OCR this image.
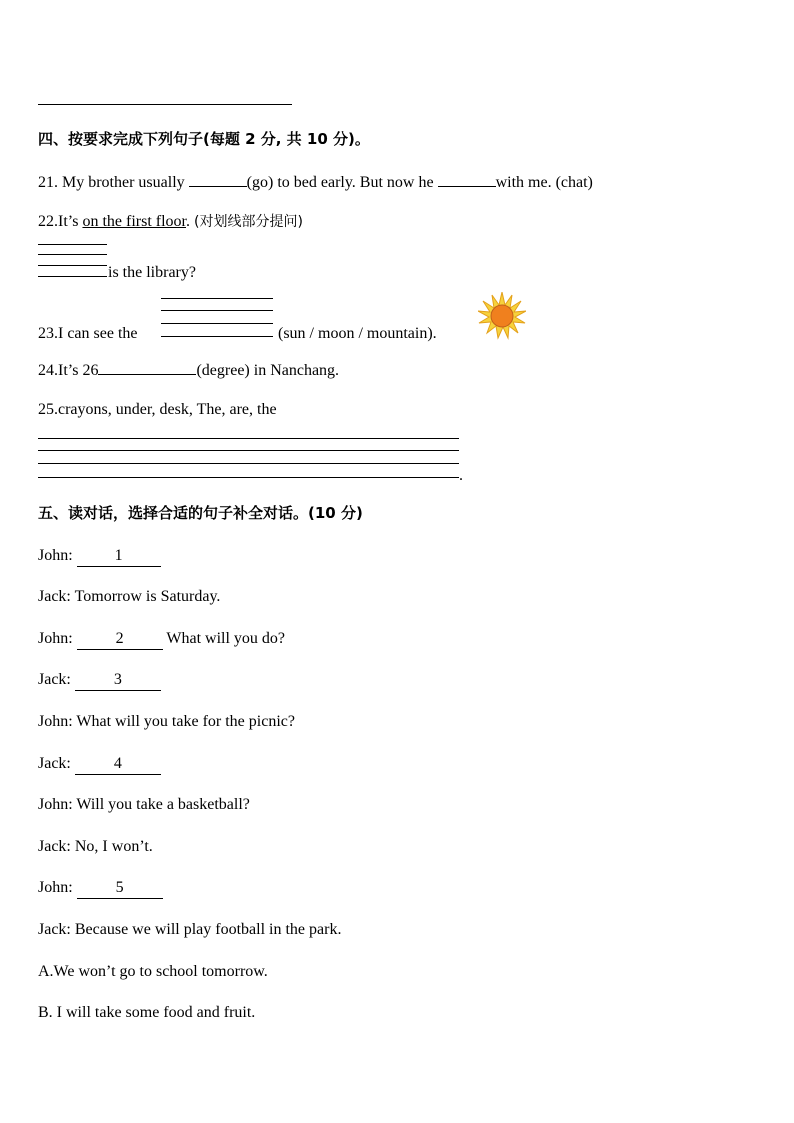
四、按要求完成下列句子(每题 2 分, 共 10 分)。
21. My brother usually	(go) to bed early. But now he	with me. (chat)
22.It’s on the first floor. (对划线部分提问)
is the library?
23.I can see the	(sun / moon / mountain).
24.It’s 26	(degree) in Nanchang.
25.crayons, under, desk, The, are, the
.
五、读对话，选择合适的句子补全对话。(10 分)
John:	1
Jack: Tomorrow is Saturday.
John:	2 What will you do?
Jack:	3
John: What will you take for the picnic?
Jack:	4
John: Will you take a basketball?
Jack: No, I won’t.
John:	5
Jack: Because we will play football in the park.
A.We won’t go to school tomorrow.
B. I will take some food and fruit.
